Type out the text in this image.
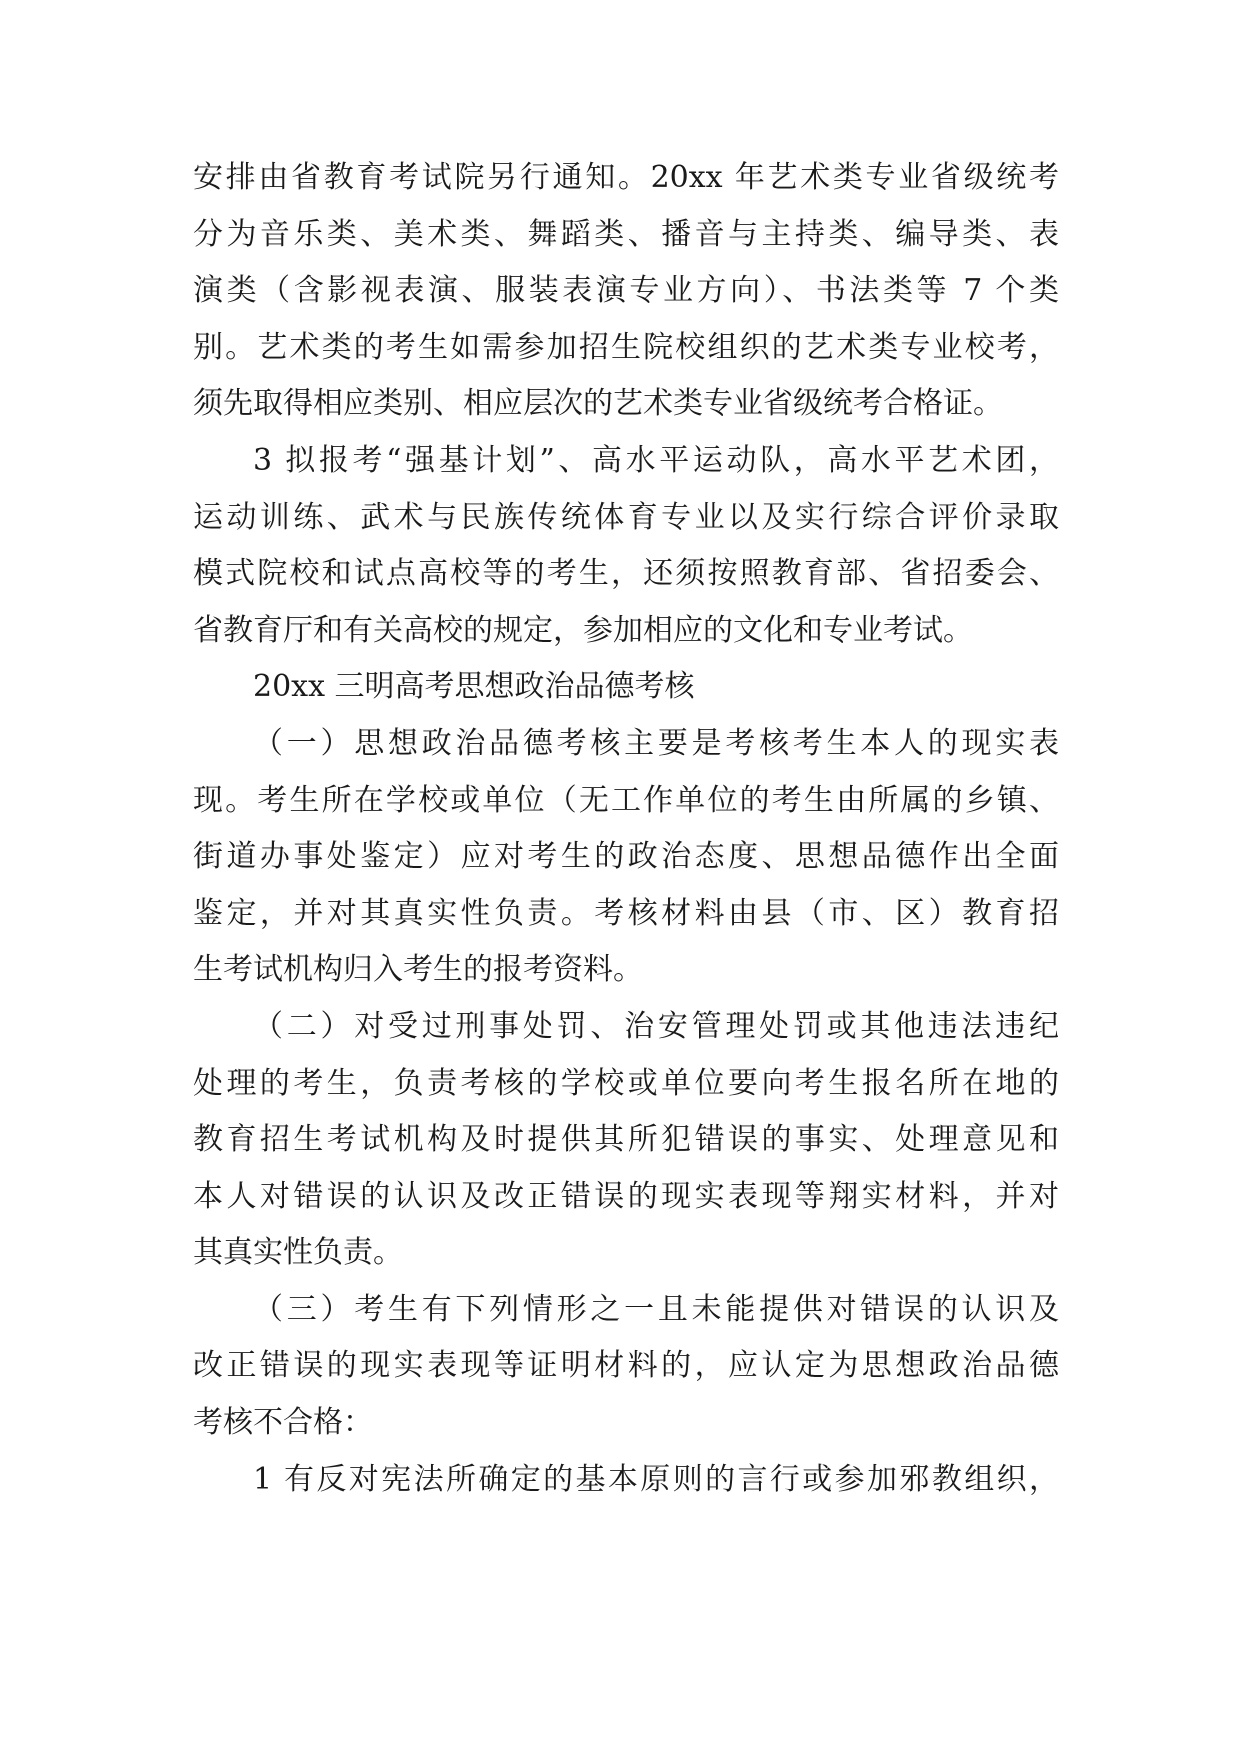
安排由省教育考试院另行通知。20xx 年艺术类专业省级统考
分为音乐类、美术类、舞蹈类、播音与主持类、编导类、表
演类（含影视表演、服装表演专业方向）、书法类等 7 个类
别。艺术类的考生如需参加招生院校组织的艺术类专业校考，
须先取得相应类别、相应层次的艺术类专业省级统考合格证。
3 拟报考“强基计划”、高水平运动队，高水平艺术团，
运动训练、武术与民族传统体育专业以及实行综合评价录取
模式院校和试点高校等的考生，还须按照教育部、省招委会、
省教育厅和有关高校的规定，参加相应的文化和专业考试。
20xx 三明高考思想政治品德考核
（一）思想政治品德考核主要是考核考生本人的现实表
现。考生所在学校或单位（无工作单位的考生由所属的乡镇、
街道办事处鉴定）应对考生的政治态度、思想品德作出全面
鉴定，并对其真实性负责。考核材料由县（市、区）教育招
生考试机构归入考生的报考资料。
（二）对受过刑事处罚、治安管理处罚或其他违法违纪
处理的考生，负责考核的学校或单位要向考生报名所在地的
教育招生考试机构及时提供其所犯错误的事实、处理意见和
本人对错误的认识及改正错误的现实表现等翔实材料，并对
其真实性负责。
（三）考生有下列情形之一且未能提供对错误的认识及
改正错误的现实表现等证明材料的，应认定为思想政治品德
考核不合格：
1 有反对宪法所确定的基本原则的言行或参加邪教组织，
